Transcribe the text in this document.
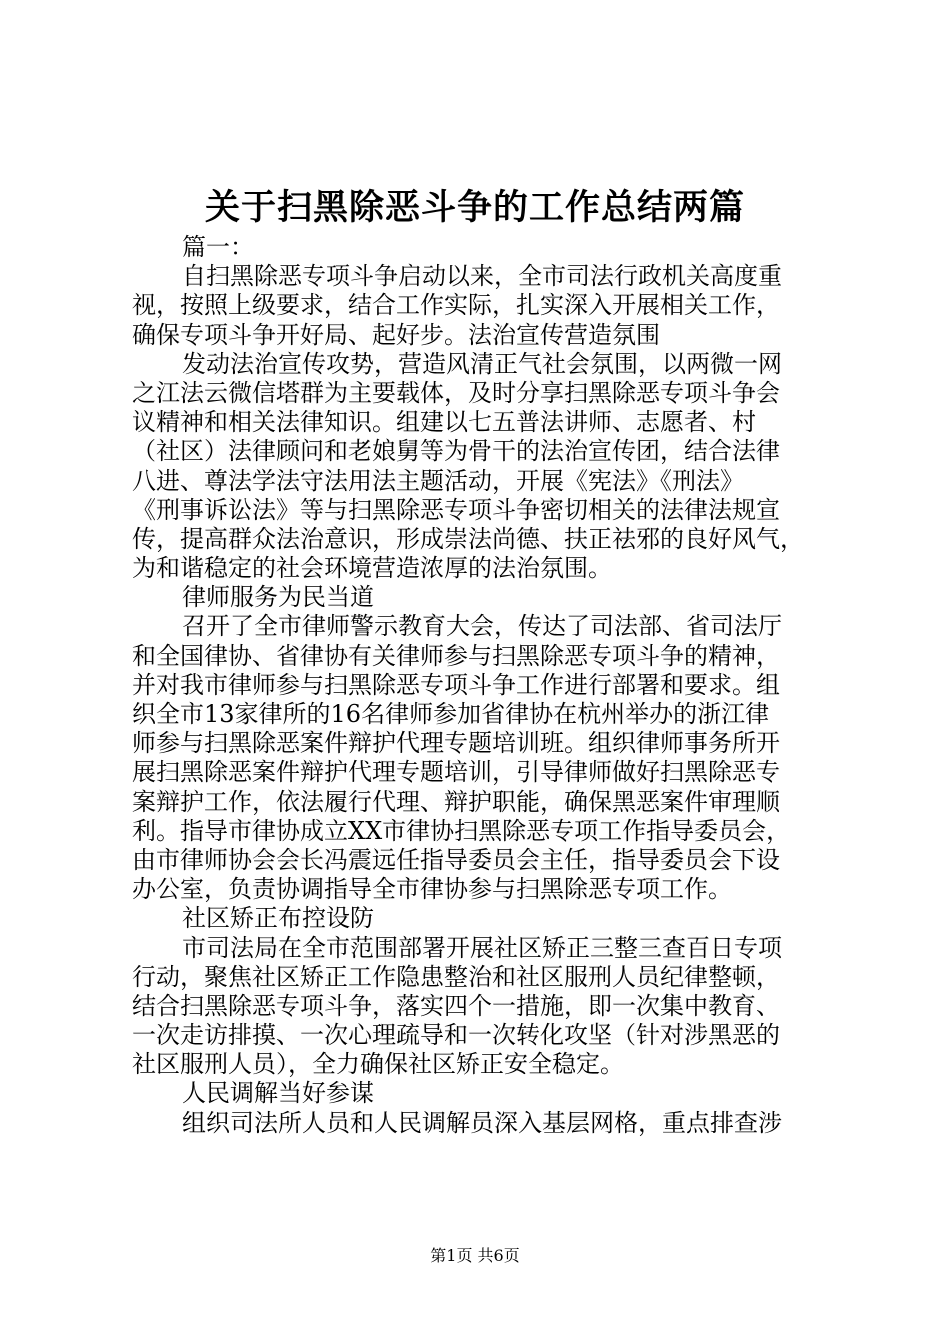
关于扫黑除恶斗争的工作总结两篇
篇一：
自扫黑除恶专项斗争启动以来，全市司法行政机关高度重
视，按照上级要求，结合工作实际，扎实深入开展相关工作，
确保专项斗争开好局、起好步。法治宣传营造氛围
发动法治宣传攻势，营造风清正气社会氛围，以两微一网
之江法云微信塔群为主要载体，及时分享扫黑除恶专项斗争会
议精神和相关法律知识。组建以七五普法讲师、志愿者、村
（社区）法律顾问和老娘舅等为骨干的法治宣传团，结合法律
八进、尊法学法守法用法主题活动，开展《宪法》《刑法》
《刑事诉讼法》等与扫黑除恶专项斗争密切相关的法律法规宣
传，提高群众法治意识，形成崇法尚德、扶正祛邪的良好风气，
为和谐稳定的社会环境营造浓厚的法治氛围。
律师服务为民当道
召开了全市律师警示教育大会，传达了司法部、省司法厅
和全国律协、省律协有关律师参与扫黑除恶专项斗争的精神，
并对我市律师参与扫黑除恶专项斗争工作进行部署和要求。组
织全市13家律所的16名律师参加省律协在杭州举办的浙江律
师参与扫黑除恶案件辩护代理专题培训班。组织律师事务所开
展扫黑除恶案件辩护代理专题培训，引导律师做好扫黑除恶专
案辩护工作，依法履行代理、辩护职能，确保黑恶案件审理顺
利。指导市律协成立XX市律协扫黑除恶专项工作指导委员会，
由市律师协会会长冯震远任指导委员会主任，指导委员会下设
办公室，负责协调指导全市律协参与扫黑除恶专项工作。
社区矫正布控设防
市司法局在全市范围部署开展社区矫正三整三查百日专项
行动，聚焦社区矫正工作隐患整治和社区服刑人员纪律整顿，
结合扫黑除恶专项斗争，落实四个一措施，即一次集中教育、
一次走访排摸、一次心理疏导和一次转化攻坚（针对涉黑恶的
社区服刑人员），全力确保社区矫正安全稳定。
人民调解当好参谋
组织司法所人员和人民调解员深入基层网格，重点排查涉
第1页 共6页
